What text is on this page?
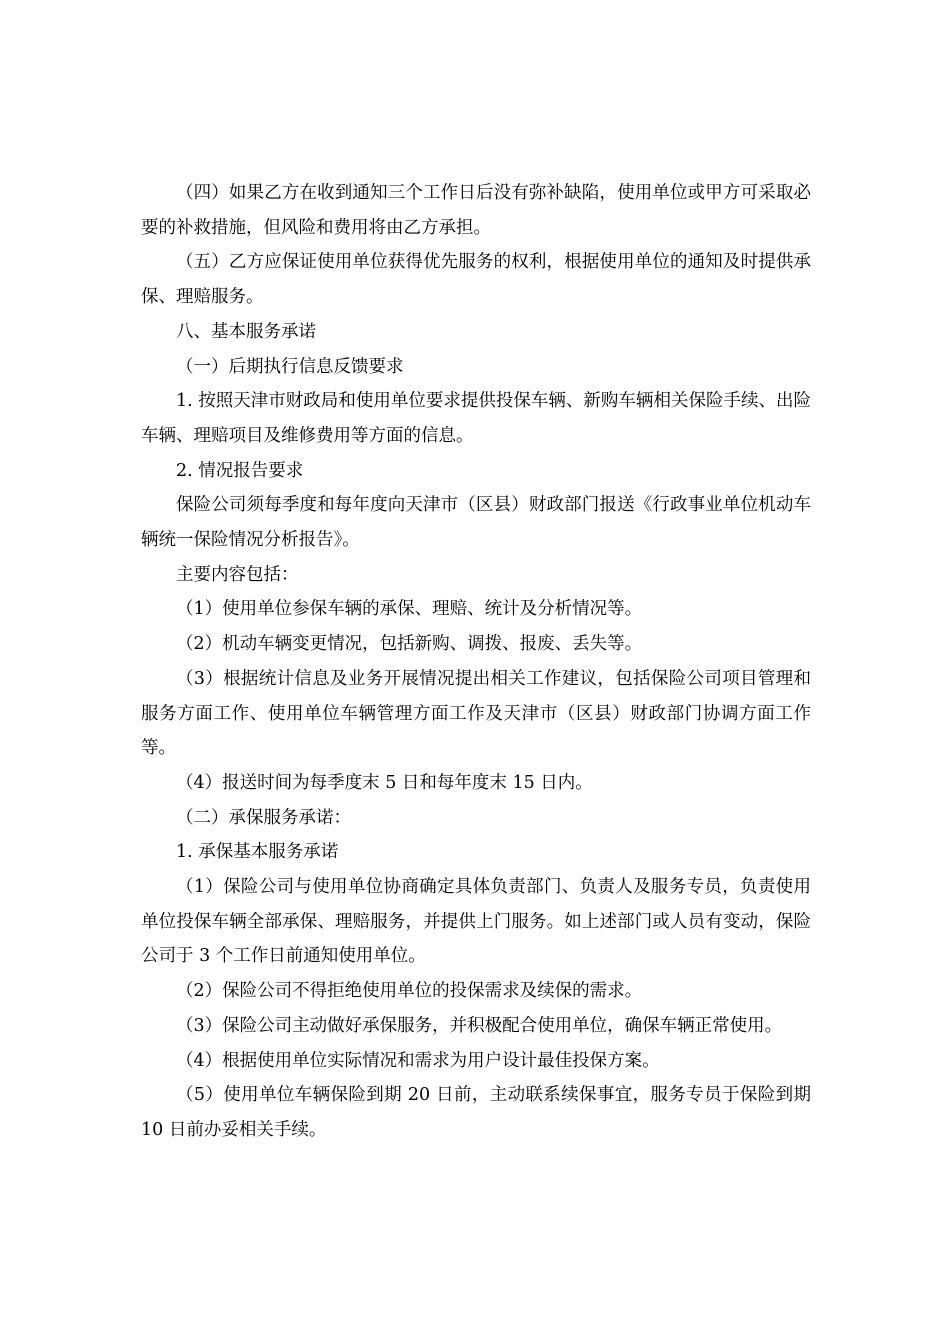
（四）如果乙方在收到通知三个工作日后没有弥补缺陷，使用单位或甲方可采取必要的补救措施，但风险和费用将由乙方承担。

（五）乙方应保证使用单位获得优先服务的权利，根据使用单位的通知及时提供承保、理赔服务。

八、基本服务承诺

（一）后期执行信息反馈要求

1. 按照天津市财政局和使用单位要求提供投保车辆、新购车辆相关保险手续、出险车辆、理赔项目及维修费用等方面的信息。

2. 情况报告要求

保险公司须每季度和每年度向天津市（区县）财政部门报送《行政事业单位机动车辆统一保险情况分析报告》。

主要内容包括：

（1）使用单位参保车辆的承保、理赔、统计及分析情况等。

（2）机动车辆变更情况，包括新购、调拨、报废、丢失等。

（3）根据统计信息及业务开展情况提出相关工作建议，包括保险公司项目管理和服务方面工作、使用单位车辆管理方面工作及天津市（区县）财政部门协调方面工作等。

（4）报送时间为每季度末 5 日和每年度末 15 日内。

（二）承保服务承诺：

1. 承保基本服务承诺

（1）保险公司与使用单位协商确定具体负责部门、负责人及服务专员，负责使用单位投保车辆全部承保、理赔服务，并提供上门服务。如上述部门或人员有变动，保险公司于 3 个工作日前通知使用单位。

（2）保险公司不得拒绝使用单位的投保需求及续保的需求。

（3）保险公司主动做好承保服务，并积极配合使用单位，确保车辆正常使用。

（4）根据使用单位实际情况和需求为用户设计最佳投保方案。

（5）使用单位车辆保险到期 20 日前，主动联系续保事宜，服务专员于保险到期 10 日前办妥相关手续。
